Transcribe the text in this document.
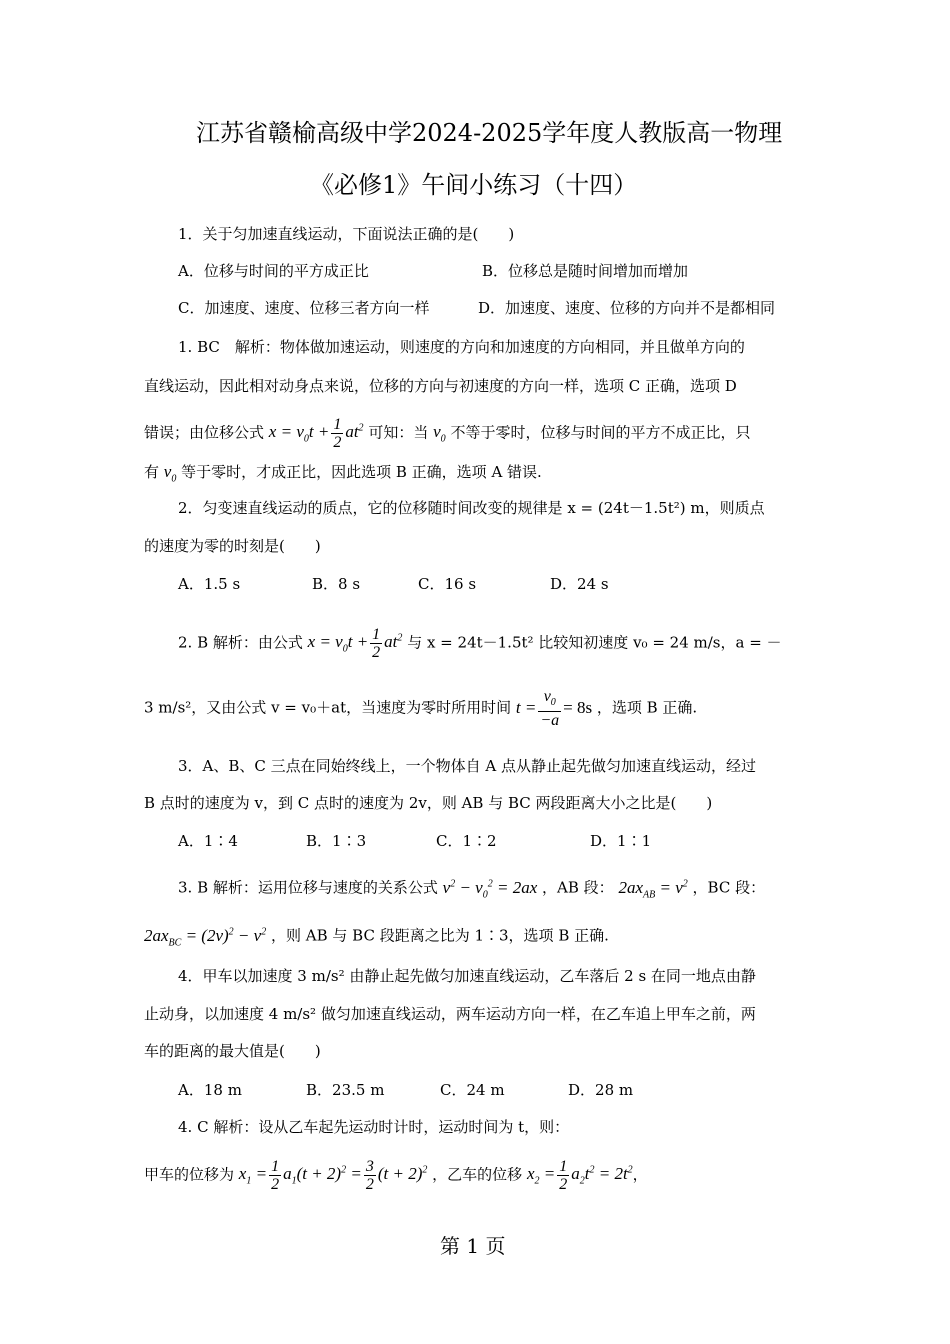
江苏省赣榆高级中学2024-2025学年度人教版高一物理
《必修1》午间小练习（十四）
1．关于匀加速直线运动，下面说法正确的是(　　)
A．位移与时间的平方成正比	B．位移总是随时间增加而增加
C．加速度、速度、位移三者方向一样	D．加速度、速度、位移的方向并不是都相同
1. BC　解析：物体做加速运动，则速度的方向和加速度的方向相同，并且做单方向的
直线运动，因此相对动身点来说，位移的方向与初速度的方向一样，选项 C 正确，选项 D
错误；由位移公式 $x = v_0t + \frac{1}{2} at^2$ 可知：当 $v_0$ 不等于零时，位移与时间的平方不成正比，只
有 $v_0$ 等于零时，才成正比，因此选项 B 正确，选项 A 错误.
2．匀变速直线运动的质点，它的位移随时间改变的规律是 x = (24t－1.5t²) m，则质点
的速度为零的时刻是(　　)
A．1.5 s	B．8 s	C．16 s	D．24 s
2. B 解析：由公式 $x = v_0t + \frac{1}{2} at^2$ 与 x = 24t－1.5t² 比较知初速度 v₀ = 24 m/s，a = －
3 m/s²，又由公式 v = v₀＋at，当速度为零时所用时间 $t = \frac{v_0}{-a} = 8s$ ，选项 B 正确.
3．A、B、C 三点在同始终线上，一个物体自 A 点从静止起先做匀加速直线运动，经过
B 点时的速度为 v，到 C 点时的速度为 2v，则 AB 与 BC 两段距离大小之比是(　　)
A．1∶4	B．1∶3	C．1∶2	D．1∶1
3. B 解析：运用位移与速度的关系公式 $v^2 - v_0^2 = 2ax$ ，AB 段： $2ax_{AB} = v^2$ ，BC 段：
$2ax_{BC} = (2v)^2 - v^2$ ，则 AB 与 BC 段距离之比为 1∶3，选项 B 正确.
4．甲车以加速度 3 m/s² 由静止起先做匀加速直线运动，乙车落后 2 s 在同一地点由静
止动身，以加速度 4 m/s² 做匀加速直线运动，两车运动方向一样，在乙车追上甲车之前，两
车的距离的最大值是(　　)
A．18 m	B．23.5 m	C．24 m	D．28 m
4. C 解析：设从乙车起先运动时计时，运动时间为 t，则：
甲车的位移为 $x_1 = \frac{1}{2} a_1(t + 2)^2 = \frac{3}{2} (t + 2)^2$ ，乙车的位移 $x_2 = \frac{1}{2} a_2t^2 = 2t^2$，
第 1 页
